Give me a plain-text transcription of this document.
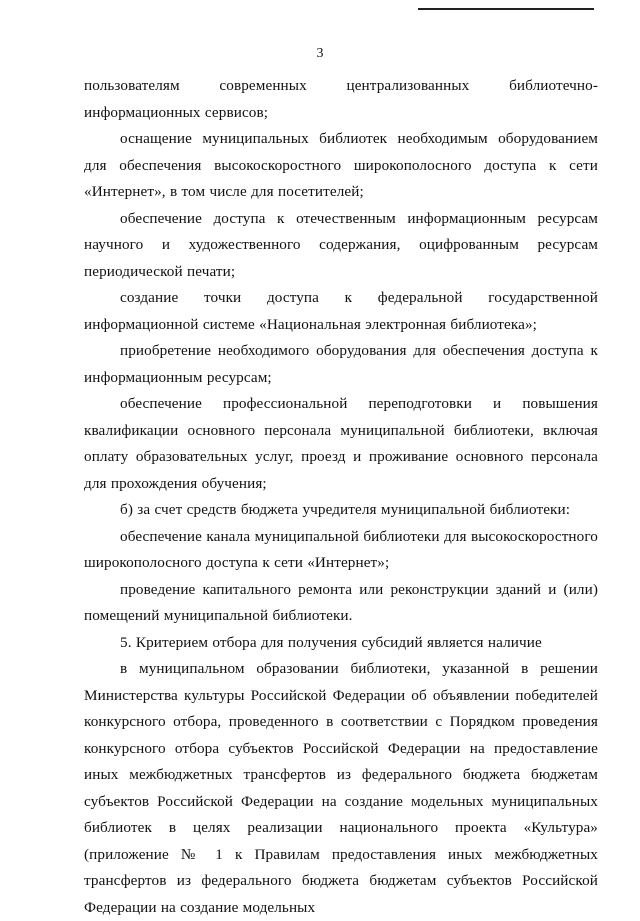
3

пользователям современных централизованных библиотечно-информационных сервисов;

оснащение муниципальных библиотек необходимым оборудованием для обеспечения высокоскоростного широкополосного доступа к сети «Интернет», в том числе для посетителей;

обеспечение доступа к отечественным информационным ресурсам научного и художественного содержания, оцифрованным ресурсам периодической печати;

создание точки доступа к федеральной государственной информационной системе «Национальная электронная библиотека»;

приобретение необходимого оборудования для обеспечения доступа к информационным ресурсам;

обеспечение профессиональной переподготовки и повышения квалификации основного персонала муниципальной библиотеки, включая оплату образовательных услуг, проезд и проживание основного персонала для прохождения обучения;

б) за счет средств бюджета учредителя муниципальной библиотеки:

обеспечение канала муниципальной библиотеки для высокоскоростного широкополосного доступа к сети «Интернет»;

проведение капитального ремонта или реконструкции зданий и (или) помещений муниципальной библиотеки.

5. Критерием отбора для получения субсидий является наличие

в муниципальном образовании библиотеки, указанной в решении Министерства культуры Российской Федерации об объявлении победителей конкурсного отбора, проведенного в соответствии с Порядком проведения конкурсного отбора субъектов Российской Федерации на предоставление иных межбюджетных трансфертов из федерального бюджета бюджетам субъектов Российской Федерации на создание модельных муниципальных библиотек в целях реализации национального проекта «Культура» (приложение № 1 к Правилам предоставления иных межбюджетных трансфертов из федерального бюджета бюджетам субъектов Российской Федерации на создание модельных
